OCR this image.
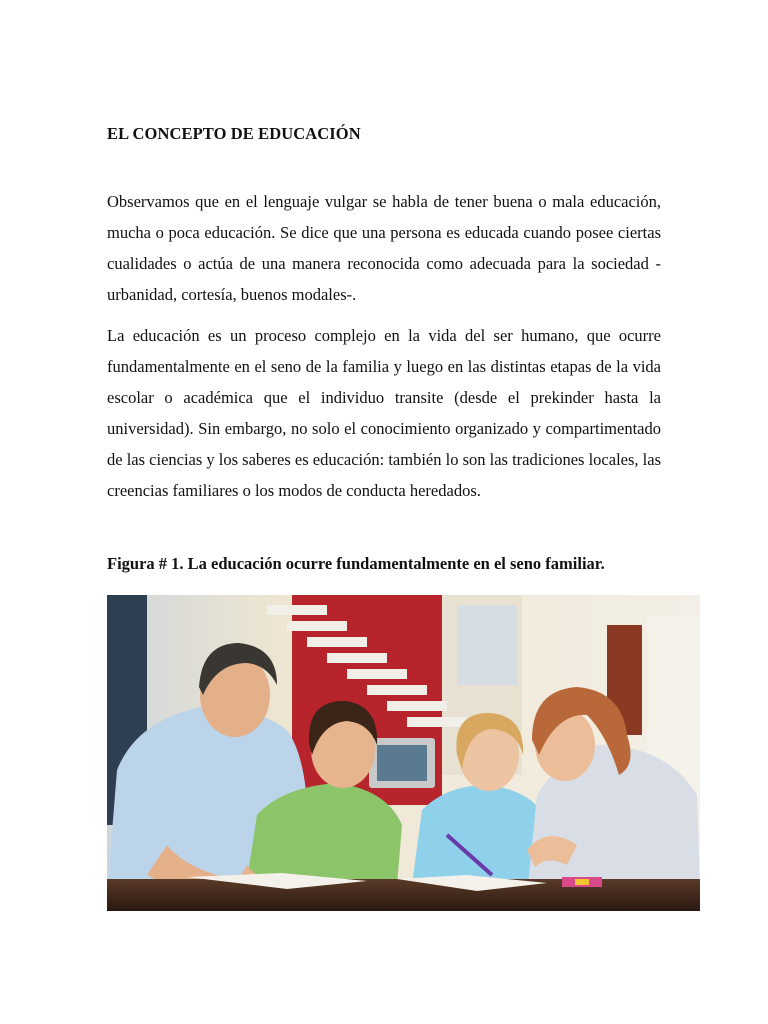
EL CONCEPTO DE EDUCACIÓN

Observamos que en el lenguaje vulgar se habla de tener buena o mala educación, mucha o poca educación. Se dice que una persona es educada cuando posee ciertas cualidades o actúa de una manera reconocida como adecuada para la sociedad -urbanidad, cortesía, buenos modales-.

La educación es un proceso complejo en la vida del ser humano, que ocurre fundamentalmente en el seno de la familia y luego en las distintas etapas de la vida escolar o académica que el individuo transite (desde el prekinder hasta la universidad). Sin embargo, no solo el conocimiento organizado y compartimentado de las ciencias y los saberes es educación: también lo son las tradiciones locales, las creencias familiares o los modos de conducta heredados.

Figura # 1. La educación ocurre fundamentalmente en el seno familiar.
